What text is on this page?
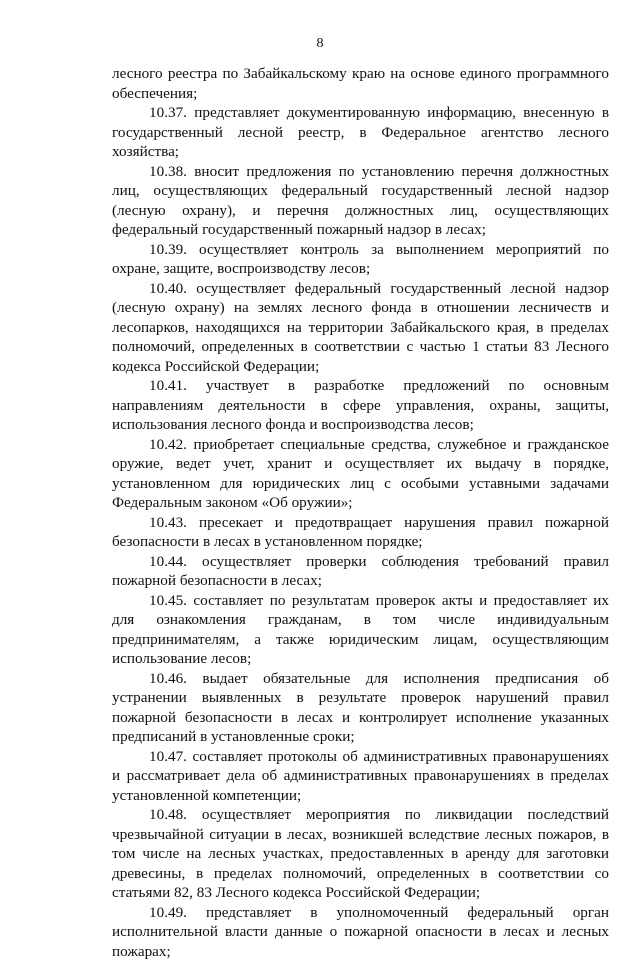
8

лесного реестра по Забайкальскому краю на основе единого программного обеспечения;

10.37. представляет документированную информацию, внесенную в государственный лесной реестр, в Федеральное агентство лесного хозяйства;

10.38. вносит предложения по установлению перечня должностных лиц, осуществляющих федеральный государственный лесной надзор (лесную охрану), и перечня должностных лиц, осуществляющих федеральный государственный пожарный надзор в лесах;

10.39. осуществляет контроль за выполнением мероприятий по охране, защите, воспроизводству лесов;

10.40. осуществляет федеральный государственный лесной надзор (лесную охрану) на землях лесного фонда в отношении лесничеств и лесопарков, находящихся на территории Забайкальского края, в пределах полномочий, определенных в соответствии с частью 1 статьи 83 Лесного кодекса Российской Федерации;

10.41. участвует в разработке предложений по основным направлениям деятельности в сфере управления, охраны, защиты, использования лесного фонда и воспроизводства лесов;

10.42. приобретает специальные средства, служебное и гражданское оружие, ведет учет, хранит и осуществляет их выдачу в порядке, установленном для юридических лиц с особыми уставными задачами Федеральным законом «Об оружии»;

10.43. пресекает и предотвращает нарушения правил пожарной безопасности в лесах в установленном порядке;

10.44. осуществляет проверки соблюдения требований правил пожарной безопасности в лесах;

10.45. составляет по результатам проверок акты и предоставляет их для ознакомления гражданам, в том числе индивидуальным предпринимателям, а также юридическим лицам, осуществляющим использование лесов;

10.46. выдает обязательные для исполнения предписания об устранении выявленных в результате проверок нарушений правил пожарной безопасности в лесах и контролирует исполнение указанных предписаний в установленные сроки;

10.47. составляет протоколы об административных правонарушениях и рассматривает дела об административных правонарушениях в пределах установленной компетенции;

10.48. осуществляет мероприятия по ликвидации последствий чрезвычайной ситуации в лесах, возникшей вследствие лесных пожаров, в том числе на лесных участках, предоставленных в аренду для заготовки древесины, в пределах полномочий, определенных в соответствии со статьями 82, 83 Лесного кодекса Российской Федерации;

10.49. представляет в уполномоченный федеральный орган исполнительной власти данные о пожарной опасности в лесах и лесных пожарах;
